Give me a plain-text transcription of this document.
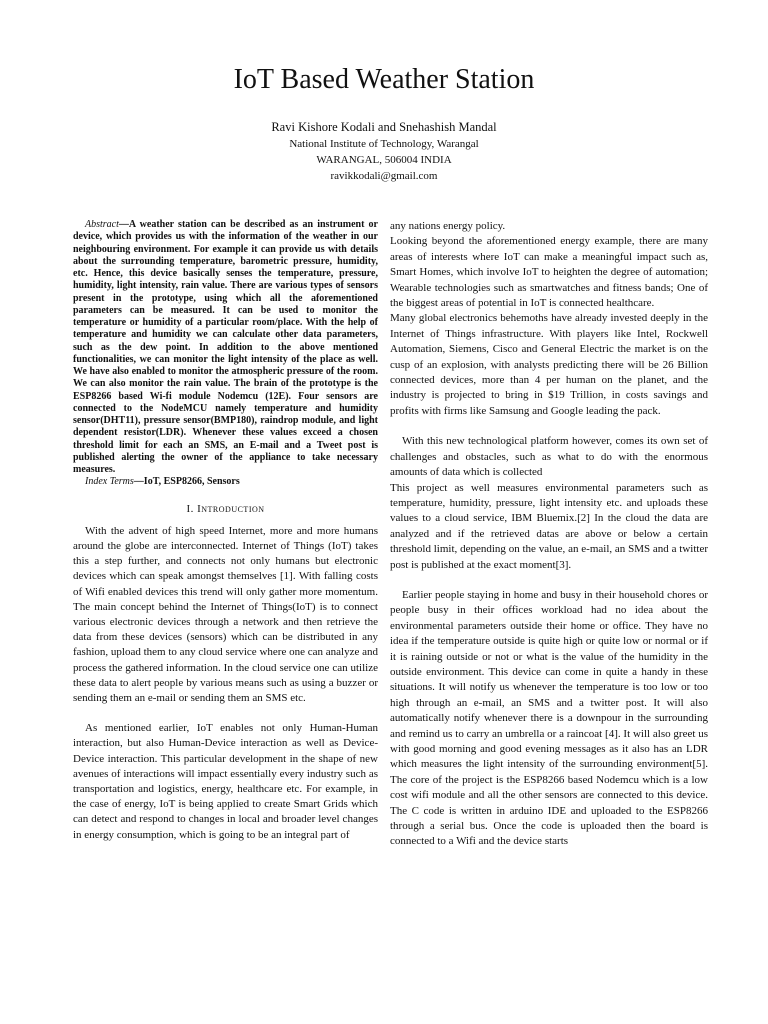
IoT Based Weather Station
Ravi Kishore Kodali and Snehashish Mandal
National Institute of Technology, Warangal
WARANGAL, 506004 INDIA
ravikkodali@gmail.com

Abstract—A weather station can be described as an instrument or device, which provides us with the information of the weather in our neighbouring environment. For example it can provide us with details about the surrounding temperature, barometric pressure, humidity, etc. Hence, this device basically senses the temperature, pressure, humidity, light intensity, rain value. There are various types of sensors present in the prototype, using which all the aforementioned parameters can be measured. It can be used to monitor the temperature or humidity of a particular room/place. With the help of temperature and humidity we can calculate other data parameters, such as the dew point. In addition to the above mentioned functionalities, we can monitor the light intensity of the place as well. We have also enabled to monitor the atmospheric pressure of the room. We can also monitor the rain value. The brain of the prototype is the ESP8266 based Wi-fi module Nodemcu (12E). Four sensors are connected to the NodeMCU namely temperature and humidity sensor(DHT11), pressure sensor(BMP180), raindrop module, and light dependent resistor(LDR). Whenever these values exceed a chosen threshold limit for each an SMS, an E-mail and a Tweet post is published alerting the owner of the appliance to take necessary measures.

Index Terms—IoT, ESP8266, Sensors

I. Introduction

With the advent of high speed Internet, more and more humans around the globe are interconnected. Internet of Things (IoT) takes this a step further, and connects not only humans but electronic devices which can speak amongst themselves [1]. With falling costs of Wifi enabled devices this trend will only gather more momentum. The main concept behind the Internet of Things(IoT) is to connect various electronic devices through a network and then retrieve the data from these devices (sensors) which can be distributed in any fashion, upload them to any cloud service where one can analyze and process the gathered information. In the cloud service one can utilize these data to alert people by various means such as using a buzzer or sending them an e-mail or sending them an SMS etc.

As mentioned earlier, IoT enables not only Human-Human interaction, but also Human-Device interaction as well as Device-Device interaction. This particular development in the shape of new avenues of interactions will impact essentially every industry such as transportation and logistics, energy, healthcare etc. For example, in the case of energy, IoT is being applied to create Smart Grids which can detect and respond to changes in local and broader level changes in energy consumption, which is going to be an integral part of

any nations energy policy.

Looking beyond the aforementioned energy example, there are many areas of interests where IoT can make a meaningful impact such as, Smart Homes, which involve IoT to heighten the degree of automation; Wearable technologies such as smartwatches and fitness bands; One of the biggest areas of potential in IoT is connected healthcare.

Many global electronics behemoths have already invested deeply in the Internet of Things infrastructure. With players like Intel, Rockwell Automation, Siemens, Cisco and General Electric the market is on the cusp of an explosion, with analysts predicting there will be 26 Billion connected devices, more than 4 per human on the planet, and the industry is projected to bring in $19 Trillion, in costs savings and profits with firms like Samsung and Google leading the pack.

With this new technological platform however, comes its own set of challenges and obstacles, such as what to do with the enormous amounts of data which is collected

This project as well measures environmental parameters such as temperature, humidity, pressure, light intensity etc. and uploads these values to a cloud service, IBM Bluemix.[2] In the cloud the data are analyzed and if the retrieved datas are above or below a certain threshold limit, depending on the value, an e-mail, an SMS and a twitter post is published at the exact moment[3].

Earlier people staying in home and busy in their household chores or people busy in their offices workload had no idea about the environmental parameters outside their home or office. They have no idea if the temperature outside is quite high or quite low or normal or if it is raining outside or not or what is the value of the humidity in the outside environment. This device can come in quite a handy in these situations. It will notify us whenever the temperature is too low or too high through an e-mail, an SMS and a twitter post. It will also automatically notify whenever there is a downpour in the surrounding and remind us to carry an umbrella or a raincoat [4]. It will also greet us with good morning and good evening messages as it also has an LDR which measures the light intensity of the surrounding environment[5]. The core of the project is the ESP8266 based Nodemcu which is a low cost wifi module and all the other sensors are connected to this device. The C code is written in arduino IDE and uploaded to the ESP8266 through a serial bus. Once the code is uploaded then the board is connected to a Wifi and the device starts
